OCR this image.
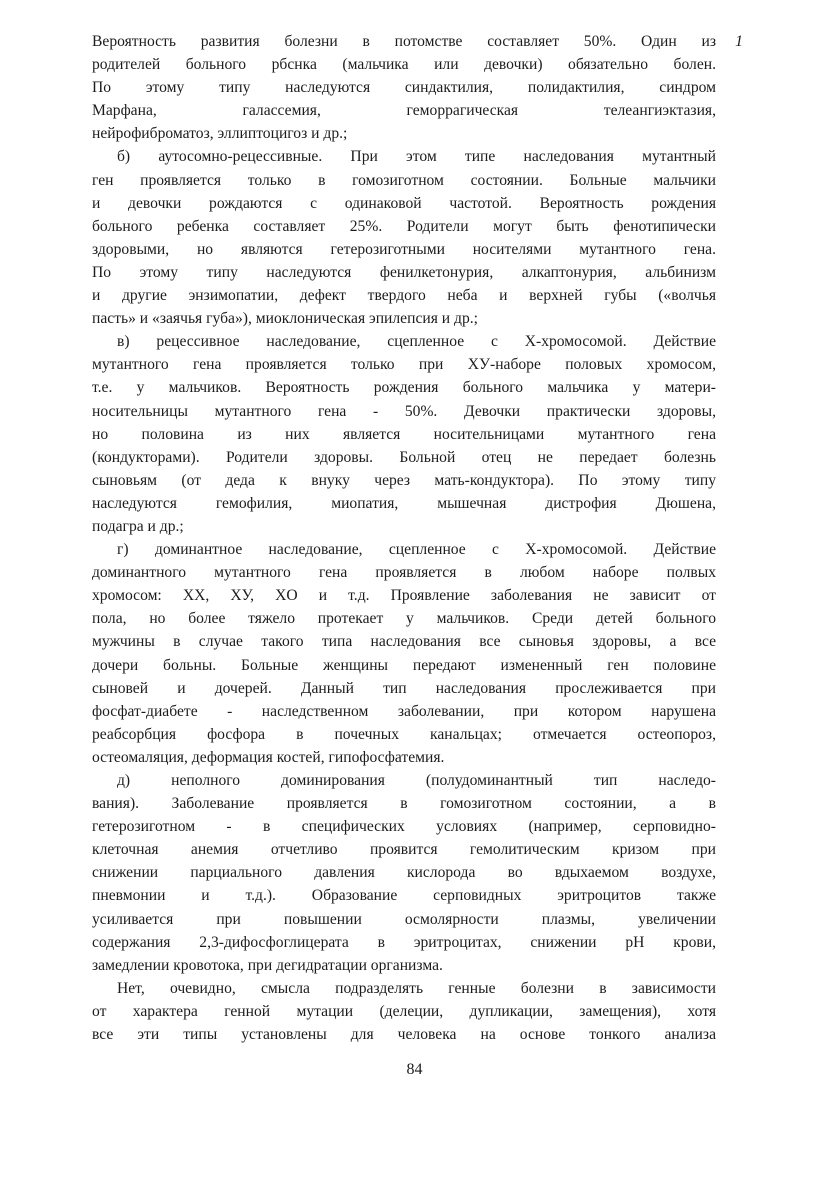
1
Вероятность развития болезни в потомстве составляет 50%. Один из
родителей больного рбснка (мальчика или девочки) обязательно болен.
По этому типу наследуются синдактилия, полидактилия, синдром
Марфана, галассемия, геморрагическая телеангиэктазия,
нейрофиброматоз, эллиптоцигоз и др.;
б) аутосомно-рецессивные. При этом типе наследования мутантный
ген проявляется только в гомозиготном состоянии. Больные мальчики
и девочки рождаются с одинаковой частотой. Вероятность рождения
больного ребенка составляет 25%. Родители могут быть фенотипически
здоровыми, но являются гетерозиготными носителями мутантного гена.
По этому типу наследуются фенилкетонурия, алкаптонурия, альбинизм
и другие энзимопатии, дефект твердого неба и верхней губы («волчья
пасть» и «заячья губа»), миоклоническая эпилепсия и др.;
в) рецессивное наследование, сцепленное с Х-хромосомой. Действие
мутантного гена проявляется только при ХУ-наборе половых хромосом,
т.е. у мальчиков. Вероятность рождения больного мальчика у матери-
носительницы мутантного гена - 50%. Девочки практически здоровы,
но половина из них является носительницами мутантного гена
(кондукторами). Родители здоровы. Больной отец не передает болезнь
сыновьям (от деда к внуку через мать-кондуктора). По этому типу
наследуются гемофилия, миопатия, мышечная дистрофия Дюшена,
подагра и др.;
г) доминантное наследование, сцепленное с Х-хромосомой. Действие
доминантного мутантного гена проявляется в любом наборе полвых
хромосом: XX, ХУ, XO и т.д. Проявление заболевания не зависит от
пола, но более тяжело протекает у мальчиков. Среди детей больного
мужчины в случае такого типа наследования все сыновья здоровы, а все
дочери больны. Больные женщины передают измененный ген половине
сыновей и дочерей. Данный тип наследования прослеживается при
фосфат-диабете - наследственном заболевании, при котором нарушена
реабсорбция фосфора в почечных канальцах; отмечается остеопороз,
остеомаляция, деформация костей, гипофосфатемия.
д) неполного доминирования (полудоминантный тип наследо-
вания). Заболевание проявляется в гомозиготном состоянии, а в
гетерозиготном - в специфических условиях (например, серповидно-
клеточная анемия отчетливо проявится гемолитическим кризом при
снижении парциального давления кислорода во вдыхаемом воздухе,
пневмонии и т.д.). Образование серповидных эритроцитов также
усиливается при повышении осмолярности плазмы, увеличении
содержания 2,3-дифосфоглицерата в эритроцитах, снижении pH крови,
замедлении кровотока, при дегидратации организма.
Нет, очевидно, смысла подразделять генные болезни в зависимости
от характера генной мутации (делеции, дупликации, замещения), хотя
все эти типы установлены для человека на основе тонкого анализа
84
